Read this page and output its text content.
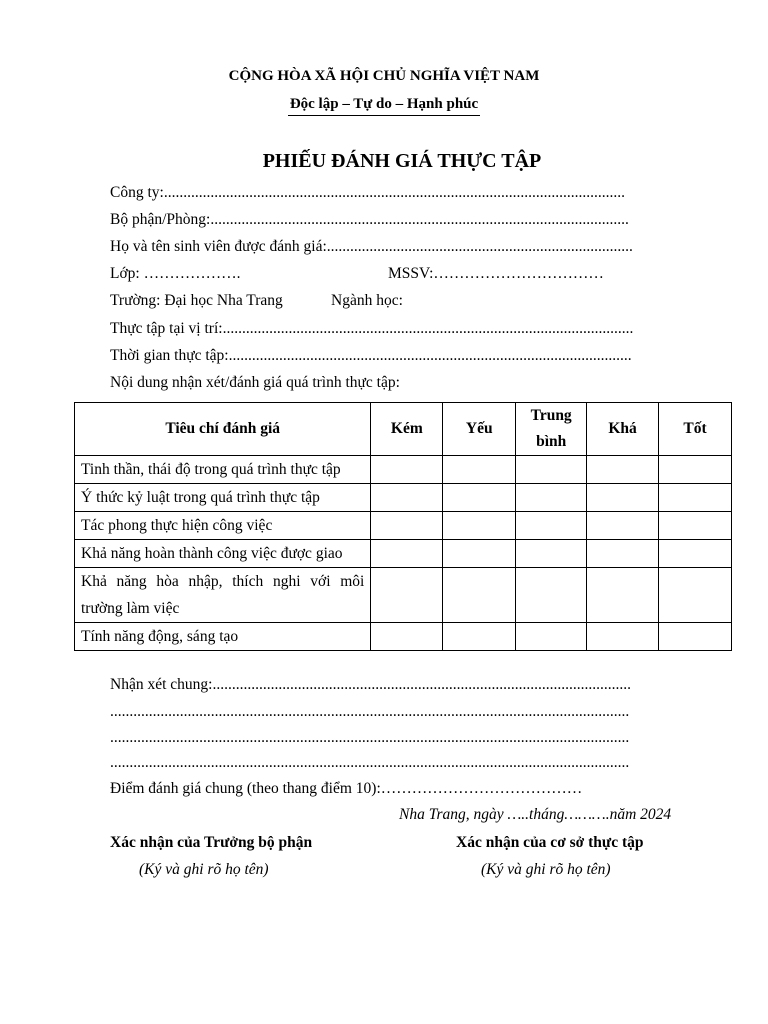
CỘNG HÒA XÃ HỘI CHỦ NGHĨA VIỆT NAM
Độc lập – Tự do – Hạnh phúc
PHIẾU ĐÁNH GIÁ THỰC TẬP
Công ty:.......................................................................................................................
Bộ phận/Phòng:............................................................................................................
Họ và tên sinh viên được đánh giá:...............................................................................
Lớp: ……………….	MSSV:……………………………
Trường: Đại học Nha Trang	Ngành học:
Thực tập tại vị trí:..........................................................................................................
Thời gian thực tập:........................................................................................................
Nội dung nhận xét/đánh giá quá trình thực tập:
Tiêu chí đánh giá	Kém	Yếu	Trung bình	Khá	Tốt
Tinh thần, thái độ trong quá trình thực tập					
Ý thức kỷ luật trong quá trình thực tập					
Tác phong thực hiện công việc					
Khả năng hoàn thành công việc được giao					
Khả năng hòa nhập, thích nghi với môi trường làm việc					
Tính năng động, sáng tạo					
Nhận xét chung:............................................................................................................
......................................................................................................................................
......................................................................................................................................
......................................................................................................................................
Điểm đánh giá chung (theo thang điểm 10):…………………………………
Nha Trang, ngày …..tháng……….năm 2024
Xác nhận của Trưởng bộ phận	Xác nhận của cơ sở thực tập
(Ký và ghi rõ họ tên)	(Ký và ghi rõ họ tên)
